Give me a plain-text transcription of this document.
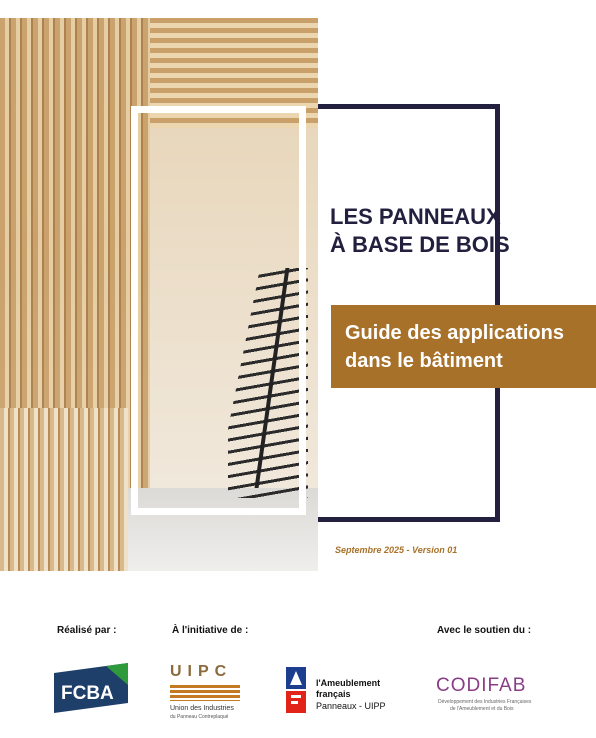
LES PANNEAUX
À BASE DE BOIS
Guide des applications
dans le bâtiment
Septembre 2025 - Version 01
Réalisé par :	À l'initiative de :	Avec le soutien du :
FCBA
UIPC
Union des Industries
du Panneau Contreplaqué
l'Ameublement
français
Panneaux - UIPP
CODIFAB
Développement des Industries Françaises
de l'Ameublement et du Bois
